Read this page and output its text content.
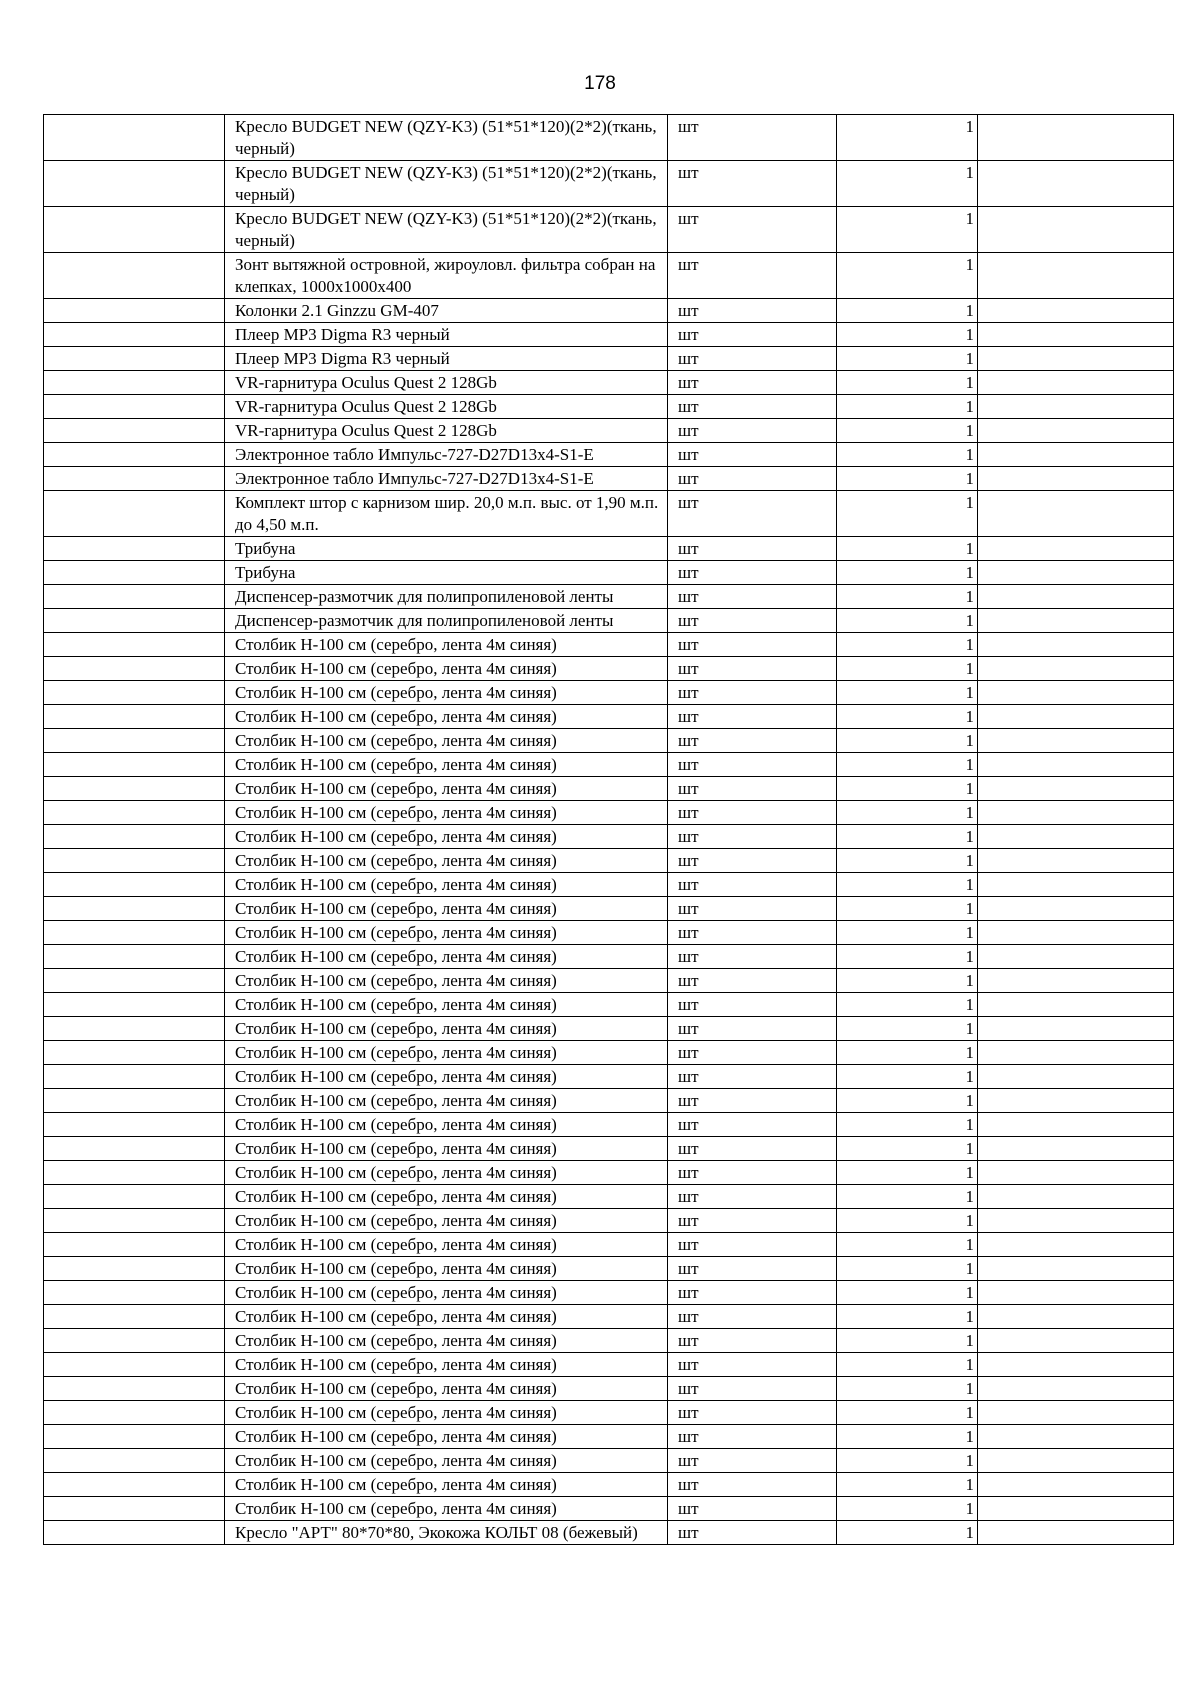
178
	Кресло BUDGET NEW (QZY-K3) (51*51*120)(2*2)(ткань, черный)	шт	1	
	Кресло BUDGET NEW (QZY-K3) (51*51*120)(2*2)(ткань, черный)	шт	1	
	Кресло BUDGET NEW (QZY-K3) (51*51*120)(2*2)(ткань, черный)	шт	1	
	Зонт вытяжной островной, жироуловл. фильтра собран на клепках, 1000х1000х400	шт	1	
	Колонки 2.1 Ginzzu GM-407	шт	1	
	Плеер MP3 Digma R3 черный	шт	1	
	Плеер MP3 Digma R3 черный	шт	1	
	VR-гарнитура Oculus Quest 2 128Gb	шт	1	
	VR-гарнитура Oculus Quest 2 128Gb	шт	1	
	VR-гарнитура Oculus Quest 2 128Gb	шт	1	
	Электронное табло Импульс-727-D27D13x4-S1-E	шт	1	
	Электронное табло Импульс-727-D27D13x4-S1-E	шт	1	
	Комплект штор с карнизом шир. 20,0 м.п. выс. от 1,90 м.п. до 4,50 м.п.	шт	1	
	Трибуна	шт	1	
	Трибуна	шт	1	
	Диспенсер-размотчик для полипропиленовой ленты	шт	1	
	Диспенсер-размотчик для полипропиленовой ленты	шт	1	
	Столбик Н-100 см (серебро, лента 4м синяя)	шт	1	
	Столбик Н-100 см (серебро, лента 4м синяя)	шт	1	
	Столбик Н-100 см (серебро, лента 4м синяя)	шт	1	
	Столбик Н-100 см (серебро, лента 4м синяя)	шт	1	
	Столбик Н-100 см (серебро, лента 4м синяя)	шт	1	
	Столбик Н-100 см (серебро, лента 4м синяя)	шт	1	
	Столбик Н-100 см (серебро, лента 4м синяя)	шт	1	
	Столбик Н-100 см (серебро, лента 4м синяя)	шт	1	
	Столбик Н-100 см (серебро, лента 4м синяя)	шт	1	
	Столбик Н-100 см (серебро, лента 4м синяя)	шт	1	
	Столбик Н-100 см (серебро, лента 4м синяя)	шт	1	
	Столбик Н-100 см (серебро, лента 4м синяя)	шт	1	
	Столбик Н-100 см (серебро, лента 4м синяя)	шт	1	
	Столбик Н-100 см (серебро, лента 4м синяя)	шт	1	
	Столбик Н-100 см (серебро, лента 4м синяя)	шт	1	
	Столбик Н-100 см (серебро, лента 4м синяя)	шт	1	
	Столбик Н-100 см (серебро, лента 4м синяя)	шт	1	
	Столбик Н-100 см (серебро, лента 4м синяя)	шт	1	
	Столбик Н-100 см (серебро, лента 4м синяя)	шт	1	
	Столбик Н-100 см (серебро, лента 4м синяя)	шт	1	
	Столбик Н-100 см (серебро, лента 4м синяя)	шт	1	
	Столбик Н-100 см (серебро, лента 4м синяя)	шт	1	
	Столбик Н-100 см (серебро, лента 4м синяя)	шт	1	
	Столбик Н-100 см (серебро, лента 4м синяя)	шт	1	
	Столбик Н-100 см (серебро, лента 4м синяя)	шт	1	
	Столбик Н-100 см (серебро, лента 4м синяя)	шт	1	
	Столбик Н-100 см (серебро, лента 4м синяя)	шт	1	
	Столбик Н-100 см (серебро, лента 4м синяя)	шт	1	
	Столбик Н-100 см (серебро, лента 4м синяя)	шт	1	
	Столбик Н-100 см (серебро, лента 4м синяя)	шт	1	
	Столбик Н-100 см (серебро, лента 4м синяя)	шт	1	
	Столбик Н-100 см (серебро, лента 4м синяя)	шт	1	
	Столбик Н-100 см (серебро, лента 4м синяя)	шт	1	
	Столбик Н-100 см (серебро, лента 4м синяя)	шт	1	
	Столбик Н-100 см (серебро, лента 4м синяя)	шт	1	
	Столбик Н-100 см (серебро, лента 4м синяя)	шт	1	
	Столбик Н-100 см (серебро, лента 4м синяя)	шт	1	
	Кресло "АРТ" 80*70*80, Экокожа КОЛЬТ 08 (бежевый)	шт	1	
